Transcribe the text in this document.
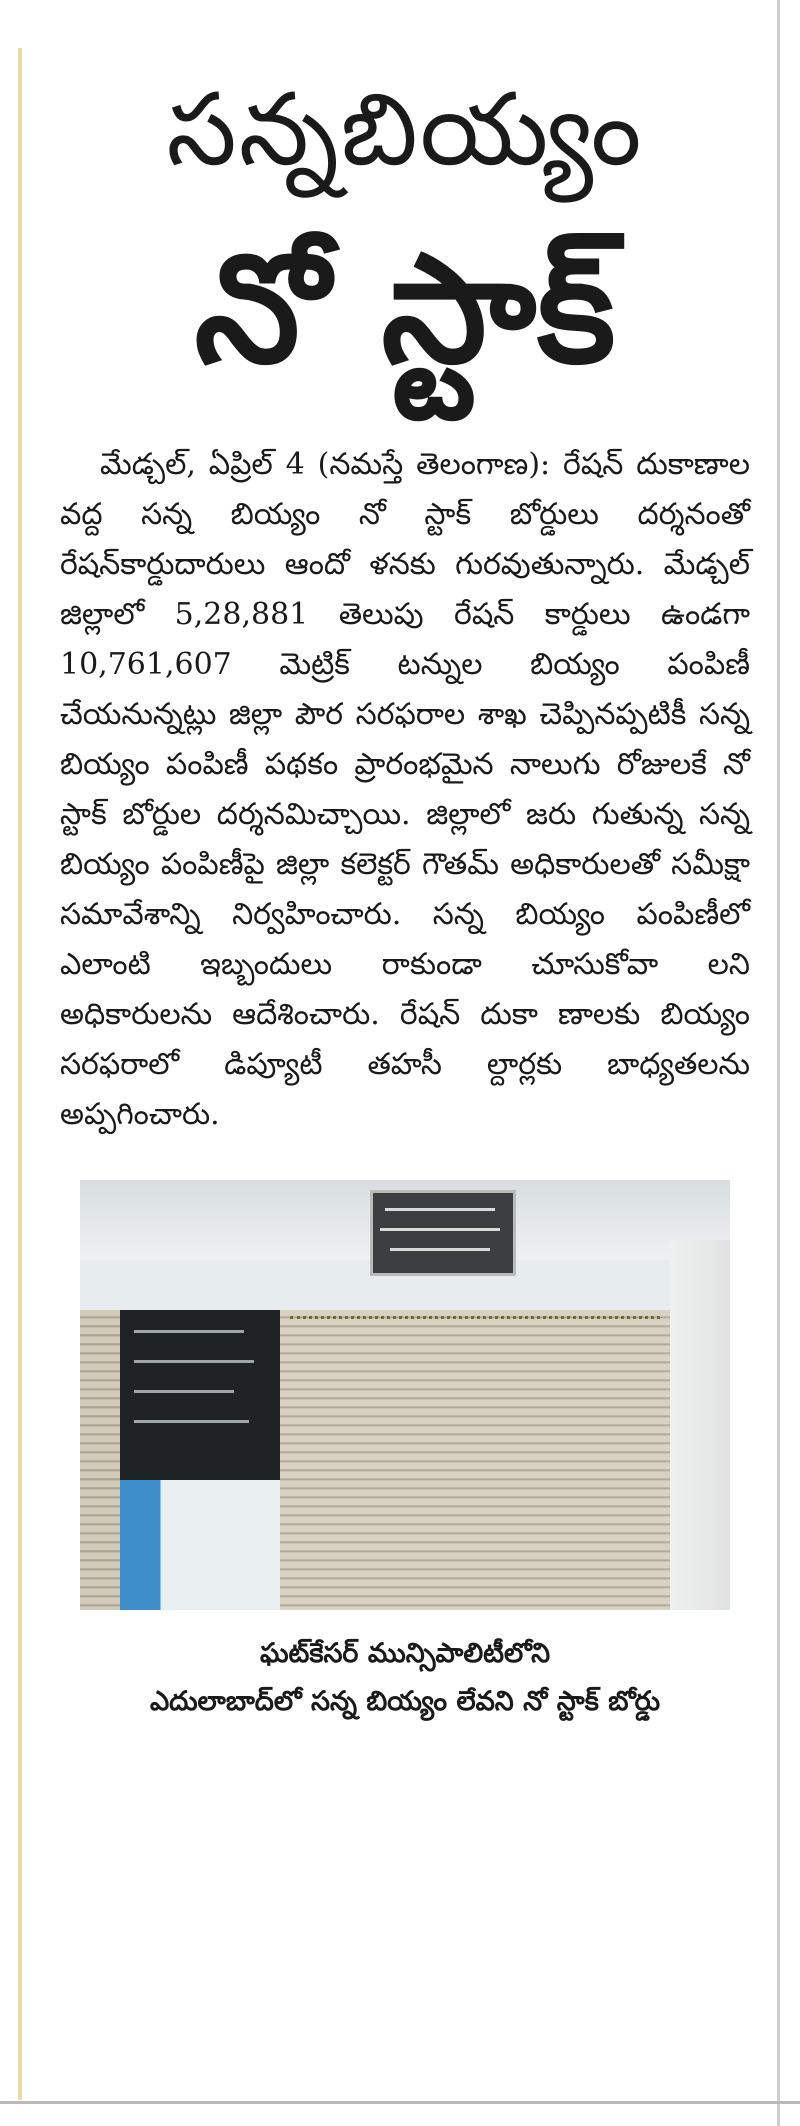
సన్నబియ్యం
నో స్టాక్

మేడ్చల్, ఏప్రిల్ 4 (నమస్తే తెలంగాణ): రేషన్ దుకాణాల వద్ద సన్న బియ్యం నో స్టాక్ బోర్డులు దర్శనంతో రేషన్‌కార్డుదారులు ఆందో ళనకు గురవుతున్నారు. మేడ్చల్ జిల్లాలో 5,28,881 తెలుపు రేషన్ కార్డులు ఉండగా 10,761,607 మెట్రిక్ టన్నుల బియ్యం పంపిణీ చేయనున్నట్లు జిల్లా పౌర సరఫరాల శాఖ చెప్పినప్పటికీ సన్న బియ్యం పంపిణీ పథకం ప్రారంభమైన నాలుగు రోజులకే నో స్టాక్ బోర్డుల దర్శనమిచ్చాయి. జిల్లాలో జరు గుతున్న సన్న బియ్యం పంపిణీపై జిల్లా కలెక్టర్ గౌతమ్ అధికారులతో సమీక్షా సమావేశాన్ని నిర్వహించారు. సన్న బియ్యం పంపిణీలో ఎలాంటి ఇబ్బందులు రాకుండా చూసుకోవా లని అధికారులను ఆదేశించారు. రేషన్ దుకా ణాలకు బియ్యం సరఫరాలో డిప్యూటీ తహసీ ల్దార్లకు బాధ్యతలను అప్పగించారు.

ఘట్‌కేసర్ మున్సిపాలిటీలోని
ఎదులాబాద్‌లో సన్న బియ్యం లేవని నో స్టాక్ బోర్డు
